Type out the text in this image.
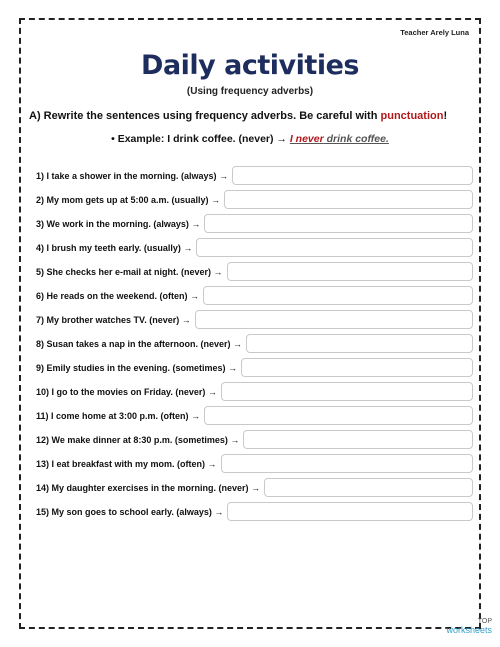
Teacher Arely Luna
Daily activities
(Using frequency adverbs)
A) Rewrite the sentences using frequency adverbs. Be careful with punctuation!
• Example: I drink coffee. (never) → I never drink coffee.
1) I take a shower in the morning. (always) →
2) My mom gets up at 5:00 a.m. (usually) →
3) We work in the morning. (always) →
4) I brush my teeth early. (usually) →
5) She checks her e-mail at night. (never) →
6) He reads on the weekend. (often) →
7) My brother watches TV. (never) →
8) Susan takes a nap in the afternoon. (never) →
9) Emily studies in the evening. (sometimes) →
10) I go to the movies on Friday. (never) →
11) I come home at 3:00 p.m. (often) →
12) We make dinner at 8:30 p.m. (sometimes) →
13) I eat breakfast with my mom. (often) →
14) My daughter exercises in the morning. (never) →
15) My son goes to school early. (always) →
TOP
worksheets
